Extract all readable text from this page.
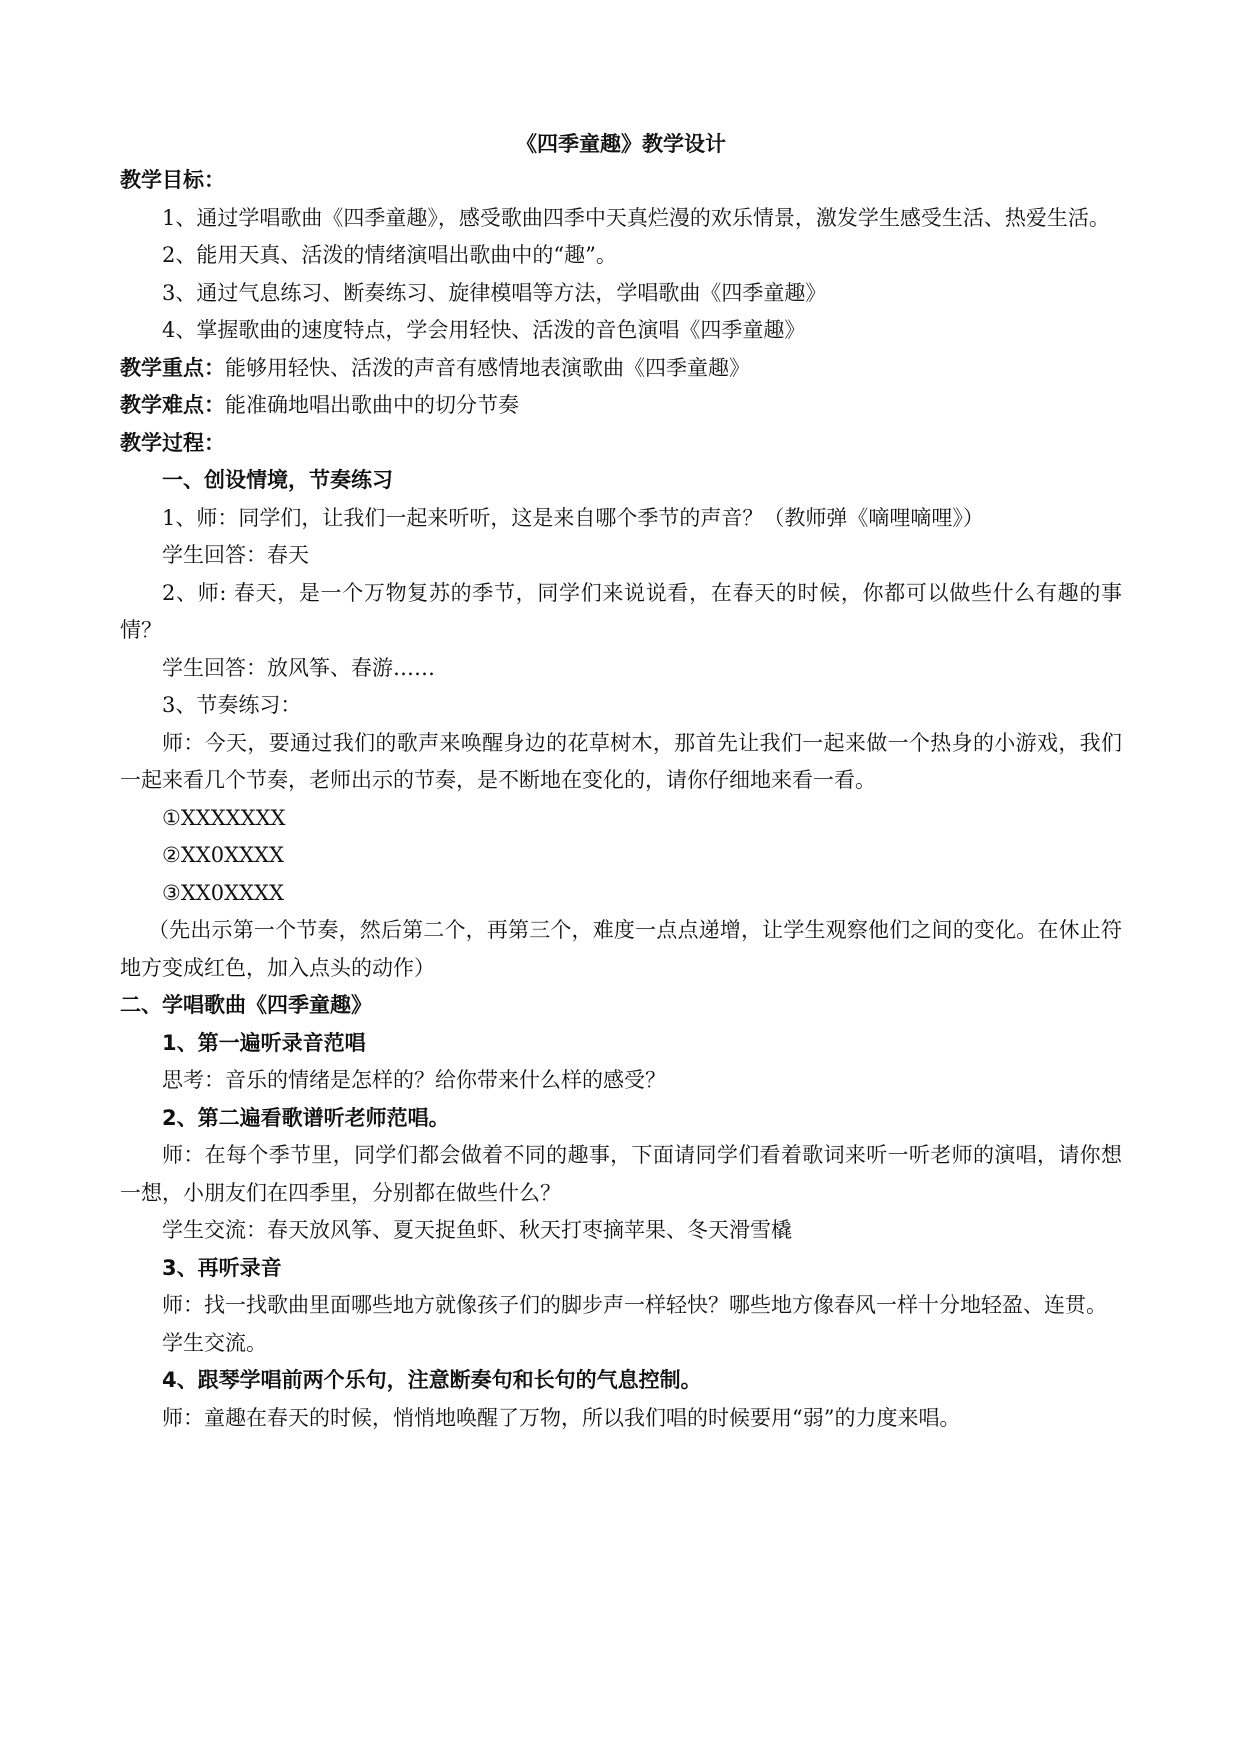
《四季童趣》教学设计

教学目标：

1、通过学唱歌曲《四季童趣》，感受歌曲四季中天真烂漫的欢乐情景，激发学生感受生活、热爱生活。

2、能用天真、活泼的情绪演唱出歌曲中的“趣”。

3、通过气息练习、断奏练习、旋律模唱等方法，学唱歌曲《四季童趣》

4、掌握歌曲的速度特点，学会用轻快、活泼的音色演唱《四季童趣》

教学重点：能够用轻快、活泼的声音有感情地表演歌曲《四季童趣》

教学难点：能准确地唱出歌曲中的切分节奏

教学过程：

一、创设情境，节奏练习

1、师：同学们，让我们一起来听听，这是来自哪个季节的声音？（教师弹《嘀哩嘀哩》）

学生回答：春天

2、师: 春天，是一个万物复苏的季节，同学们来说说看，在春天的时候，你都可以做些什么有趣的事情？

学生回答：放风筝、春游……

3、节奏练习：

师：今天，要通过我们的歌声来唤醒身边的花草树木，那首先让我们一起来做一个热身的小游戏，我们一起来看几个节奏，老师出示的节奏，是不断地在变化的，请你仔细地来看一看。

①XXXXXXX

②XX0XXXX

③XX0XXXX

（先出示第一个节奏，然后第二个，再第三个，难度一点点递增，让学生观察他们之间的变化。在休止符地方变成红色，加入点头的动作）

二、学唱歌曲《四季童趣》

1、第一遍听录音范唱

思考：音乐的情绪是怎样的？给你带来什么样的感受？

2、第二遍看歌谱听老师范唱。

师：在每个季节里，同学们都会做着不同的趣事，下面请同学们看着歌词来听一听老师的演唱，请你想一想，小朋友们在四季里，分别都在做些什么？

学生交流：春天放风筝、夏天捉鱼虾、秋天打枣摘苹果、冬天滑雪橇

3、再听录音

师：找一找歌曲里面哪些地方就像孩子们的脚步声一样轻快？哪些地方像春风一样十分地轻盈、连贯。

学生交流。

4、跟琴学唱前两个乐句，注意断奏句和长句的气息控制。

师：童趣在春天的时候，悄悄地唤醒了万物，所以我们唱的时候要用“弱”的力度来唱。
